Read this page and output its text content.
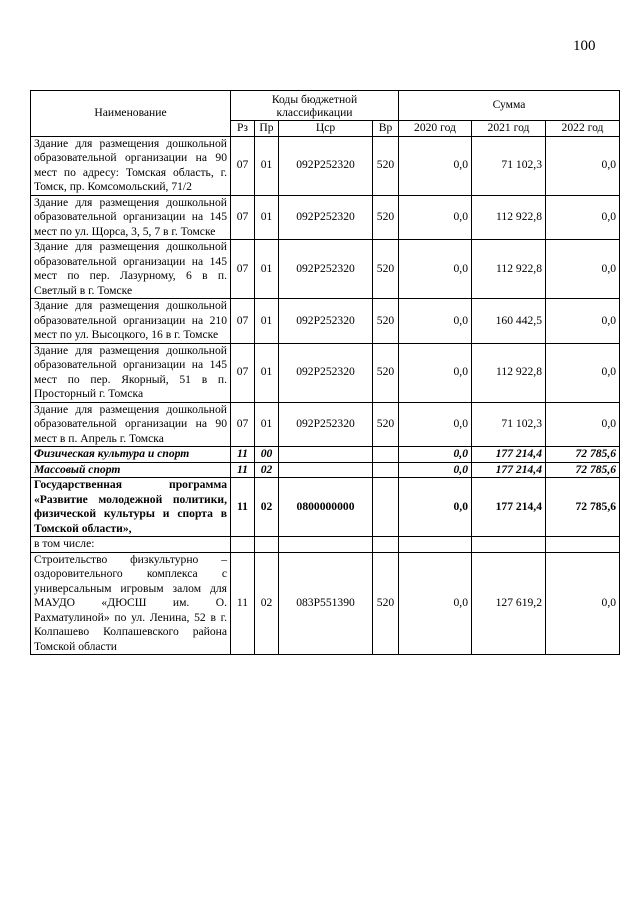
100
Наименование	Коды бюджетной классификации				Сумма		
	Рз	Пр	Цср	Вр	2020 год	2021 год	2022 год
Здание для размещения дошкольной образовательной организации на 90 мест по адресу: Томская область, г. Томск, пр. Комсомольский, 71/2	07	01	092P252320	520	0,0	71 102,3	0,0
Здание для размещения дошкольной образовательной организации на 145 мест по ул. Щорса, 3, 5, 7 в г. Томске	07	01	092P252320	520	0,0	112 922,8	0,0
Здание для размещения дошкольной образовательной организации на 145 мест по пер. Лазурному, 6 в п. Светлый в г. Томске	07	01	092P252320	520	0,0	112 922,8	0,0
Здание для размещения дошкольной образовательной организации на 210 мест по ул. Высоцкого, 16 в г. Томске	07	01	092P252320	520	0,0	160 442,5	0,0
Здание для размещения дошкольной образовательной организации на 145 мест по пер. Якорный, 51 в п. Просторный г. Томска	07	01	092P252320	520	0,0	112 922,8	0,0
Здание для размещения дошкольной образовательной организации на 90 мест в п. Апрель г. Томска	07	01	092P252320	520	0,0	71 102,3	0,0
Физическая культура и спорт	11	00			0,0	177 214,4	72 785,6
Массовый спорт	11	02			0,0	177 214,4	72 785,6
Государственная программа «Развитие молодежной политики, физической культуры и спорта в Томской области»,	11	02	0800000000		0,0	177 214,4	72 785,6
в том числе:							
Строительство физкультурно – оздоровительного комплекса с универсальным игровым залом для МАУДО «ДЮСШ им. О. Рахматулиной» по ул. Ленина, 52 в г. Колпашево Колпашевского района Томской области	11	02	083P551390	520	0,0	127 619,2	0,0
